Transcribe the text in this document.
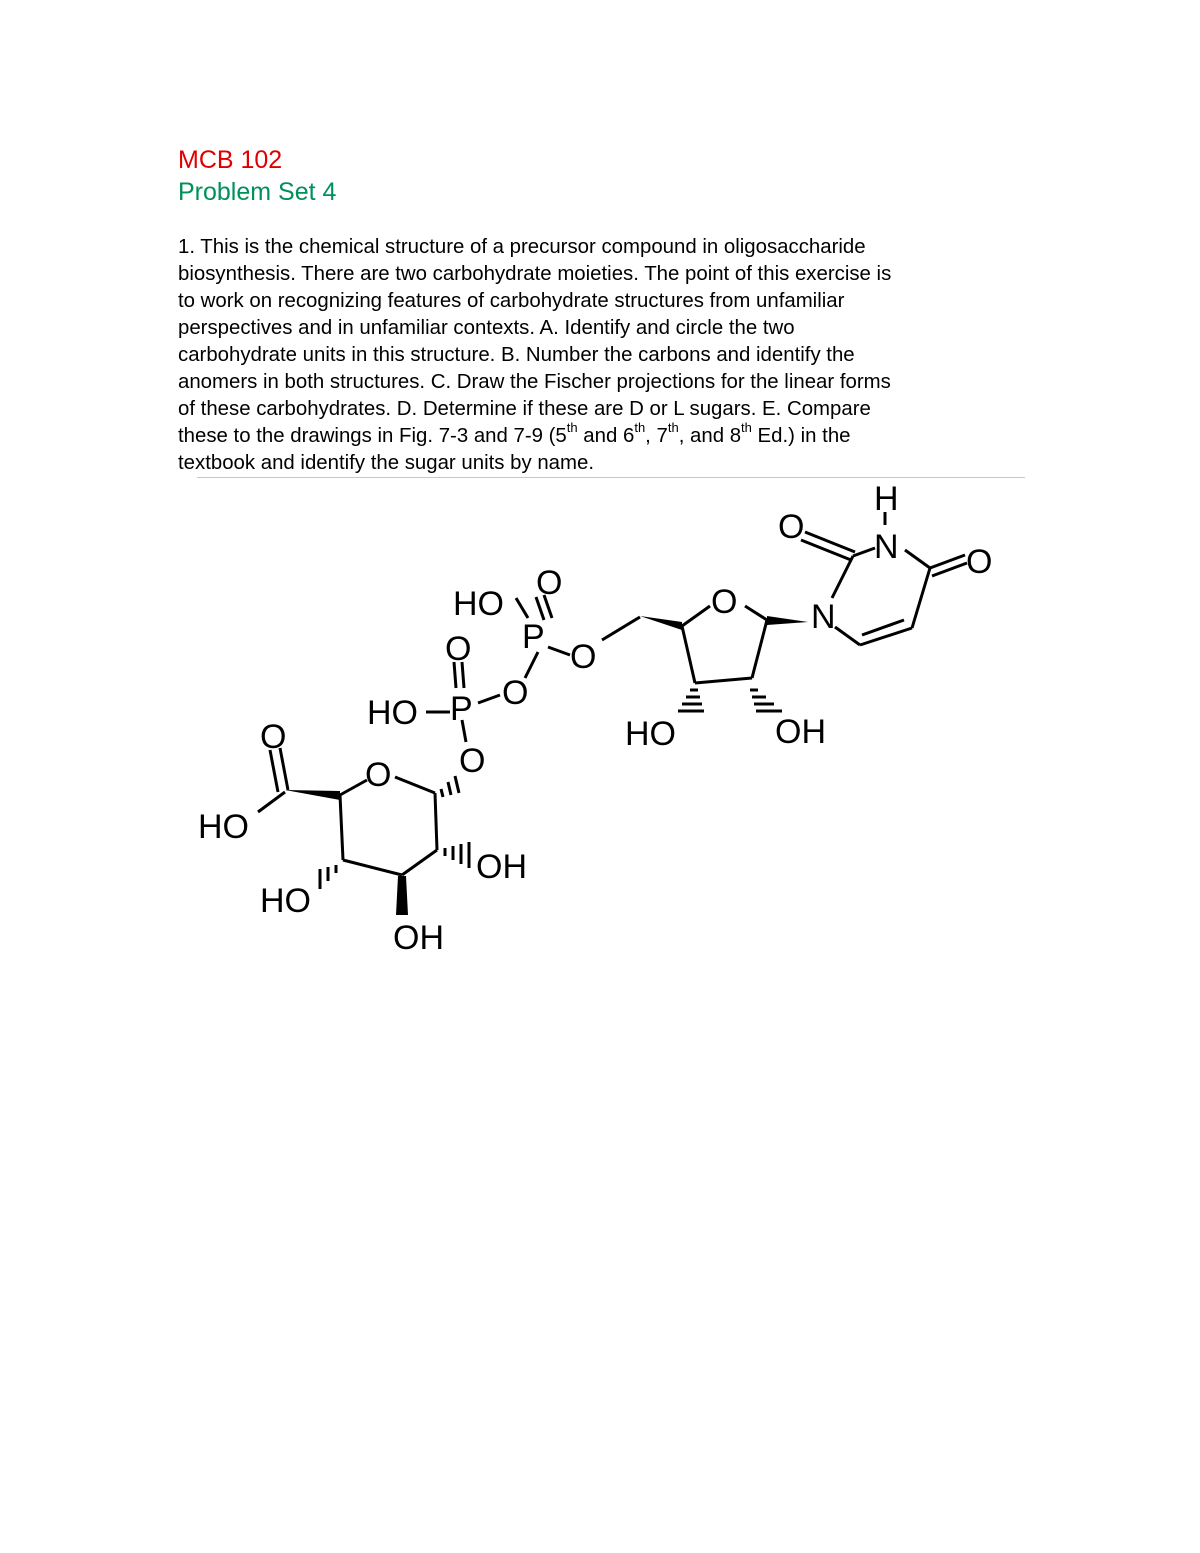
MCB 102
Problem Set 4

1. This is the chemical structure of a precursor compound in oligosaccharide

biosynthesis. There are two carbohydrate moieties. The point of this exercise is

to work on recognizing features of carbohydrate structures from unfamiliar

perspectives and in unfamiliar contexts. A. Identify and circle the two

carbohydrate units in this structure. B. Number the carbons and identify the

anomers in both structures. C. Draw the Fischer projections for the linear forms

of these carbohydrates. D. Determine if these are D or L sugars. E. Compare

these to the drawings in Fig. 7-3 and 7-9 (5th and 6th, 7th, and 8th Ed.) in the

textbook and identify the sugar units by name.

H
O
N O
N
O
HO	OH
HO
O
P
O
O
HO P O
O
O
O
HO
OH
HO
OH
